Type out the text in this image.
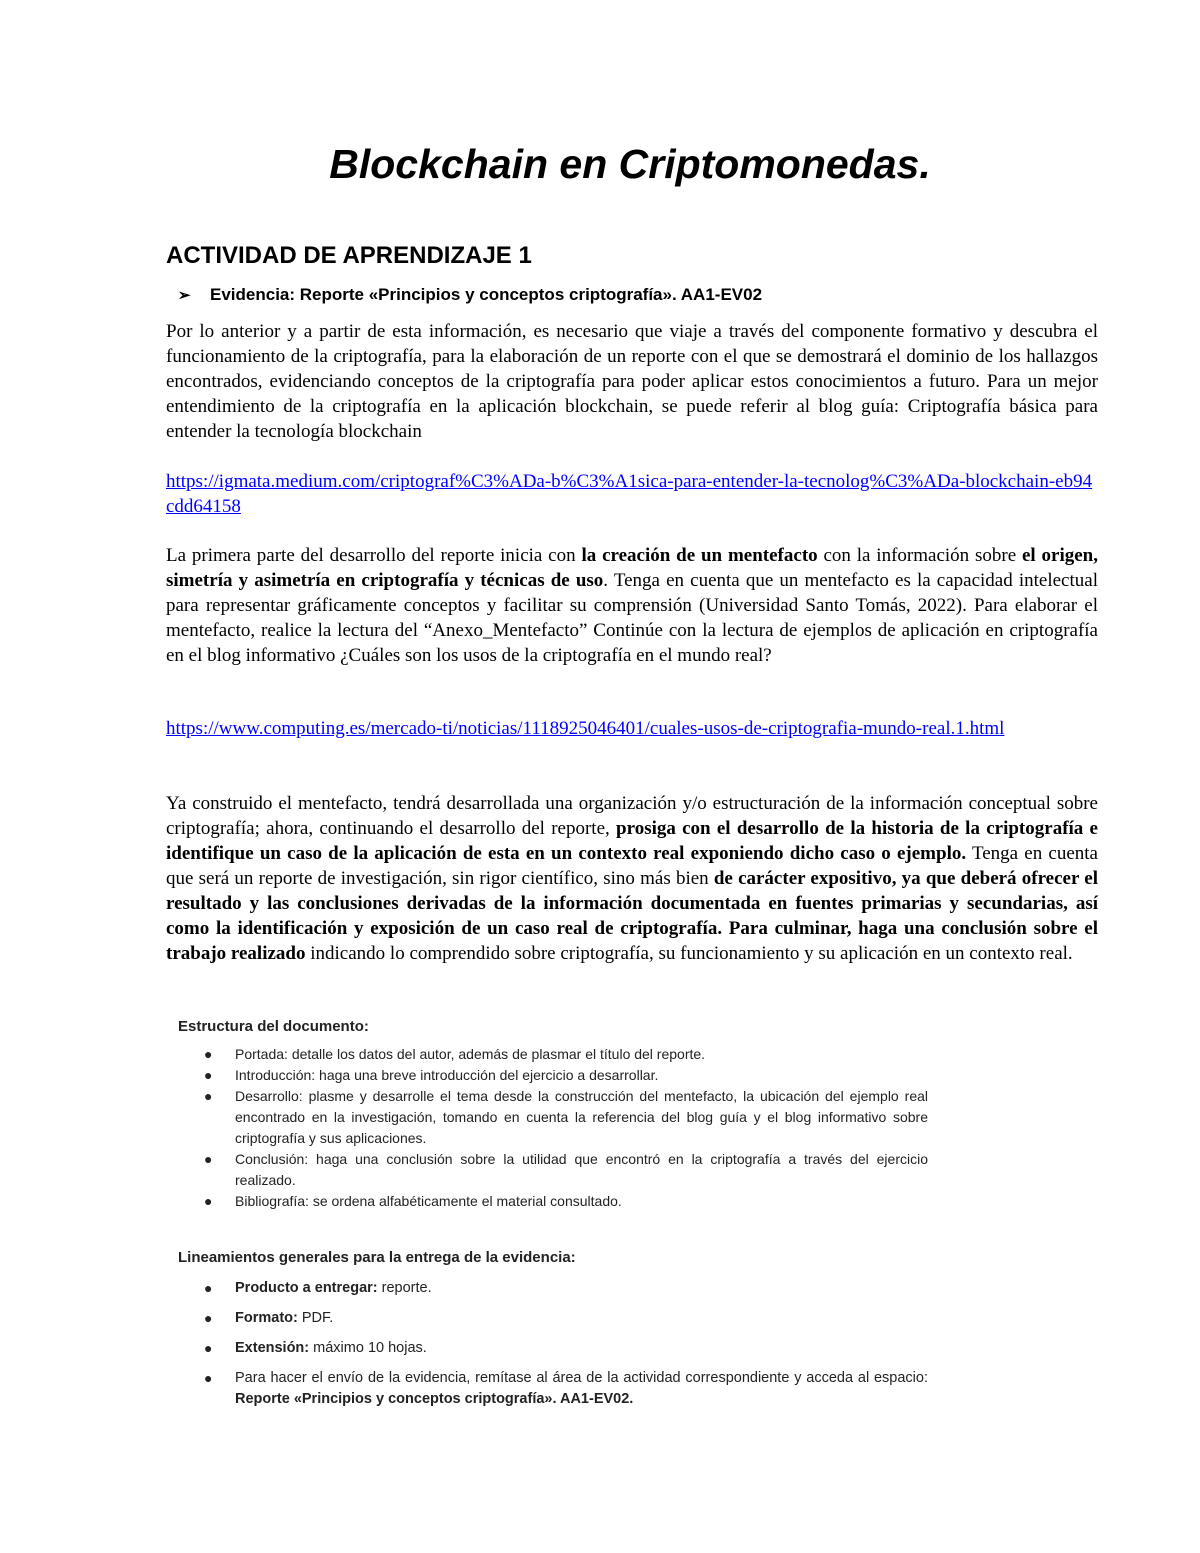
Blockchain en Criptomonedas.
ACTIVIDAD DE APRENDIZAJE 1

➢ Evidencia: Reporte «Principios y conceptos criptografía». AA1-EV02

Por lo anterior y a partir de esta información, es necesario que viaje a través del componente formativo y descubra el funcionamiento de la criptografía, para la elaboración de un reporte con el que se demostrará el dominio de los hallazgos encontrados, evidenciando conceptos de la criptografía para poder aplicar estos conocimientos a futuro. Para un mejor entendimiento de la criptografía en la aplicación blockchain, se puede referir al blog guía: Criptografía básica para entender la tecnología blockchain

https://igmata.medium.com/criptograf%C3%ADa-b%C3%A1sica-para-entender-la-tecnolog%C3%ADa-blockchain-eb94cdd64158

La primera parte del desarrollo del reporte inicia con la creación de un mentefacto con la información sobre el origen, simetría y asimetría en criptografía y técnicas de uso. Tenga en cuenta que un mentefacto es la capacidad intelectual para representar gráficamente conceptos y facilitar su comprensión (Universidad Santo Tomás, 2022). Para elaborar el mentefacto, realice la lectura del “Anexo_Mentefacto” Continúe con la lectura de ejemplos de aplicación en criptografía en el blog informativo ¿Cuáles son los usos de la criptografía en el mundo real?

https://www.computing.es/mercado-ti/noticias/1118925046401/cuales-usos-de-criptografia-mundo-real.1.html

Ya construido el mentefacto, tendrá desarrollada una organización y/o estructuración de la información conceptual sobre criptografía; ahora, continuando el desarrollo del reporte, prosiga con el desarrollo de la historia de la criptografía e identifique un caso de la aplicación de esta en un contexto real exponiendo dicho caso o ejemplo. Tenga en cuenta que será un reporte de investigación, sin rigor científico, sino más bien de carácter expositivo, ya que deberá ofrecer el resultado y las conclusiones derivadas de la información documentada en fuentes primarias y secundarias, así como la identificación y exposición de un caso real de criptografía. Para culminar, haga una conclusión sobre el trabajo realizado indicando lo comprendido sobre criptografía, su funcionamiento y su aplicación en un contexto real.

Estructura del documento:

● Portada: detalle los datos del autor, además de plasmar el título del reporte.
● Introducción: haga una breve introducción del ejercicio a desarrollar.
● Desarrollo: plasme y desarrolle el tema desde la construcción del mentefacto, la ubicación del ejemplo real encontrado en la investigación, tomando en cuenta la referencia del blog guía y el blog informativo sobre criptografía y sus aplicaciones.
● Conclusión: haga una conclusión sobre la utilidad que encontró en la criptografía a través del ejercicio realizado.
● Bibliografía: se ordena alfabéticamente el material consultado.

Lineamientos generales para la entrega de la evidencia:

● Producto a entregar: reporte.
● Formato: PDF.
● Extensión: máximo 10 hojas.
● Para hacer el envío de la evidencia, remítase al área de la actividad correspondiente y acceda al espacio: Reporte «Principios y conceptos criptografía». AA1-EV02.
